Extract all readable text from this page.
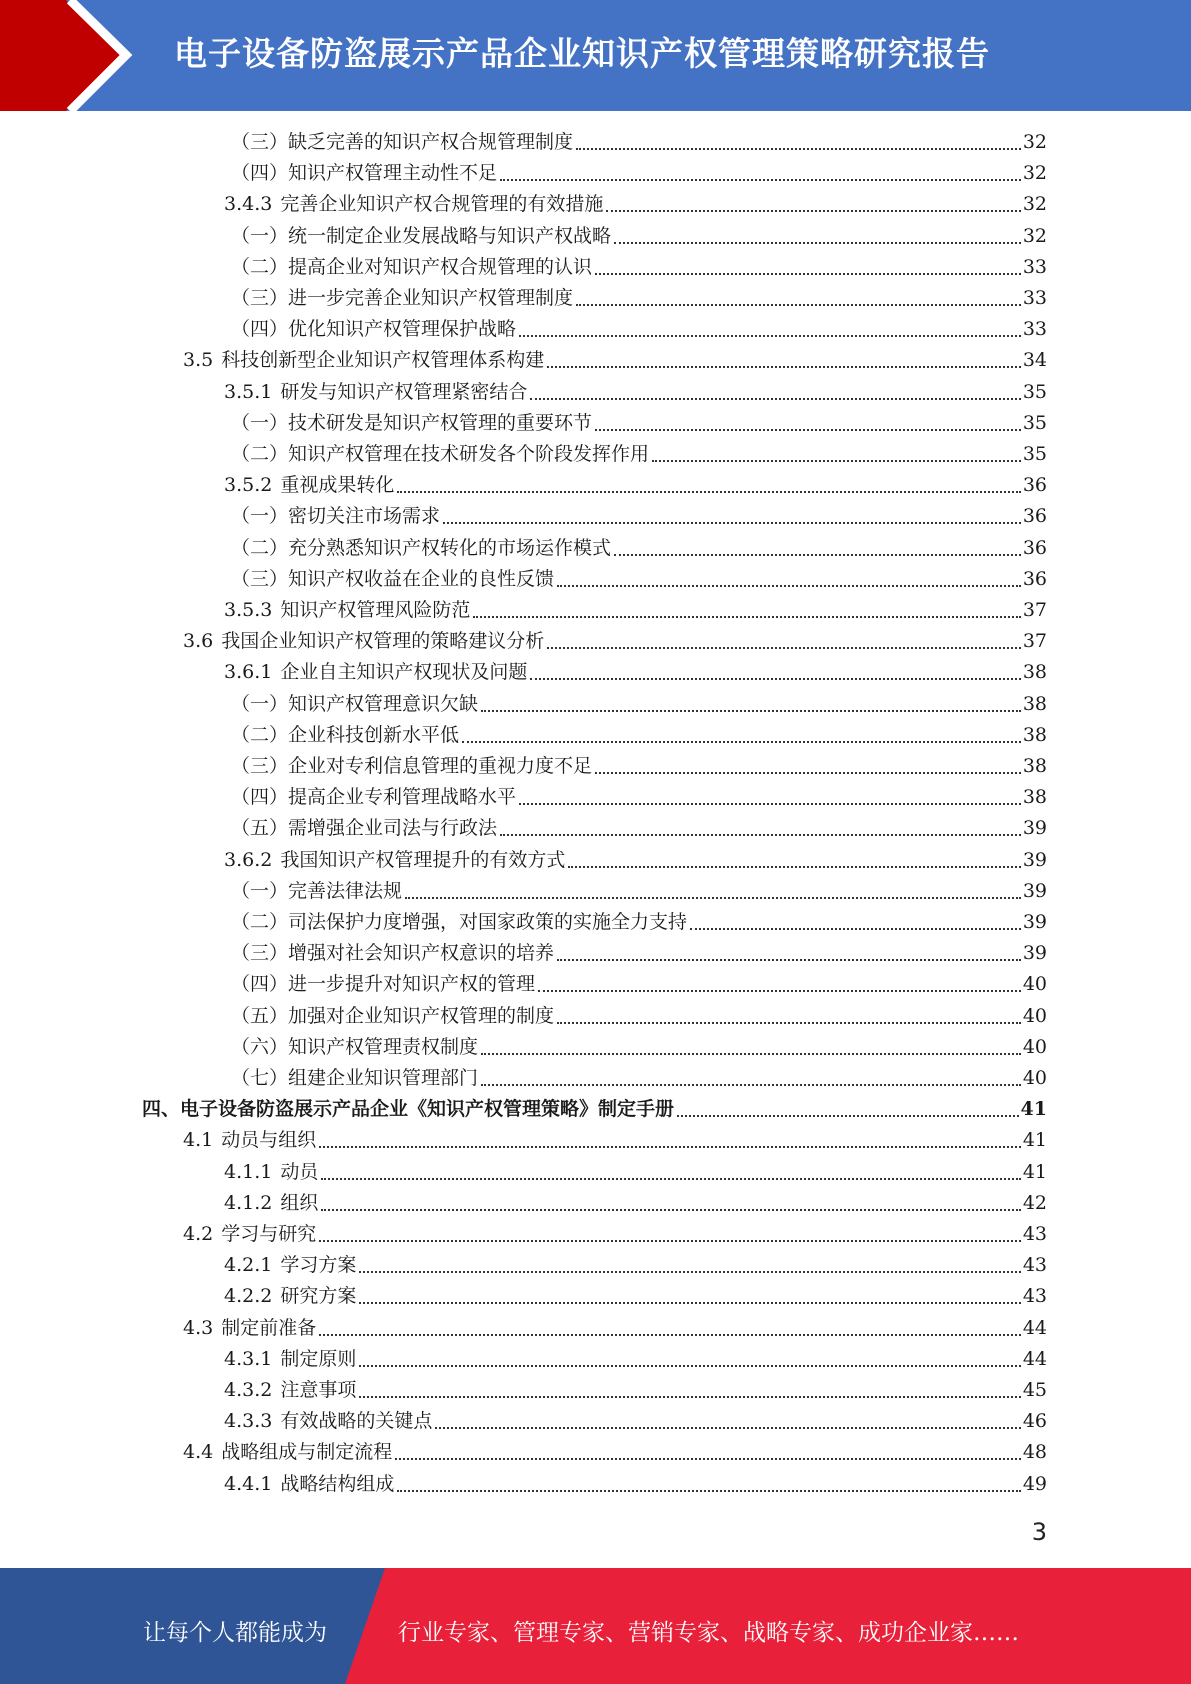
电子设备防盗展示产品企业知识产权管理策略研究报告
（三）缺乏完善的知识产权合规管理制度	32
（四）知识产权管理主动性不足	32
3.4.3 完善企业知识产权合规管理的有效措施	32
（一）统一制定企业发展战略与知识产权战略	32
（二）提高企业对知识产权合规管理的认识	33
（三）进一步完善企业知识产权管理制度	33
（四）优化知识产权管理保护战略	33
3.5 科技创新型企业知识产权管理体系构建	34
3.5.1 研发与知识产权管理紧密结合	35
（一）技术研发是知识产权管理的重要环节	35
（二）知识产权管理在技术研发各个阶段发挥作用	35
3.5.2 重视成果转化	36
（一）密切关注市场需求	36
（二）充分熟悉知识产权转化的市场运作模式	36
（三）知识产权收益在企业的良性反馈	36
3.5.3 知识产权管理风险防范	37
3.6 我国企业知识产权管理的策略建议分析	37
3.6.1 企业自主知识产权现状及问题	38
（一）知识产权管理意识欠缺	38
（二）企业科技创新水平低	38
（三）企业对专利信息管理的重视力度不足	38
（四）提高企业专利管理战略水平	38
（五）需增强企业司法与行政法	39
3.6.2 我国知识产权管理提升的有效方式	39
（一）完善法律法规	39
（二）司法保护力度增强，对国家政策的实施全力支持	39
（三）增强对社会知识产权意识的培养	39
（四）进一步提升对知识产权的管理	40
（五）加强对企业知识产权管理的制度	40
（六）知识产权管理责权制度	40
（七）组建企业知识管理部门	40
四、电子设备防盗展示产品企业《知识产权管理策略》制定手册	41
4.1 动员与组织	41
4.1.1 动员	41
4.1.2 组织	42
4.2 学习与研究	43
4.2.1 学习方案	43
4.2.2 研究方案	43
4.3 制定前准备	44
4.3.1 制定原则	44
4.3.2 注意事项	45
4.3.3 有效战略的关键点	46
4.4 战略组成与制定流程	48
4.4.1 战略结构组成	49
3
让每个人都能成为	行业专家、管理专家、营销专家、战略专家、成功企业家……
